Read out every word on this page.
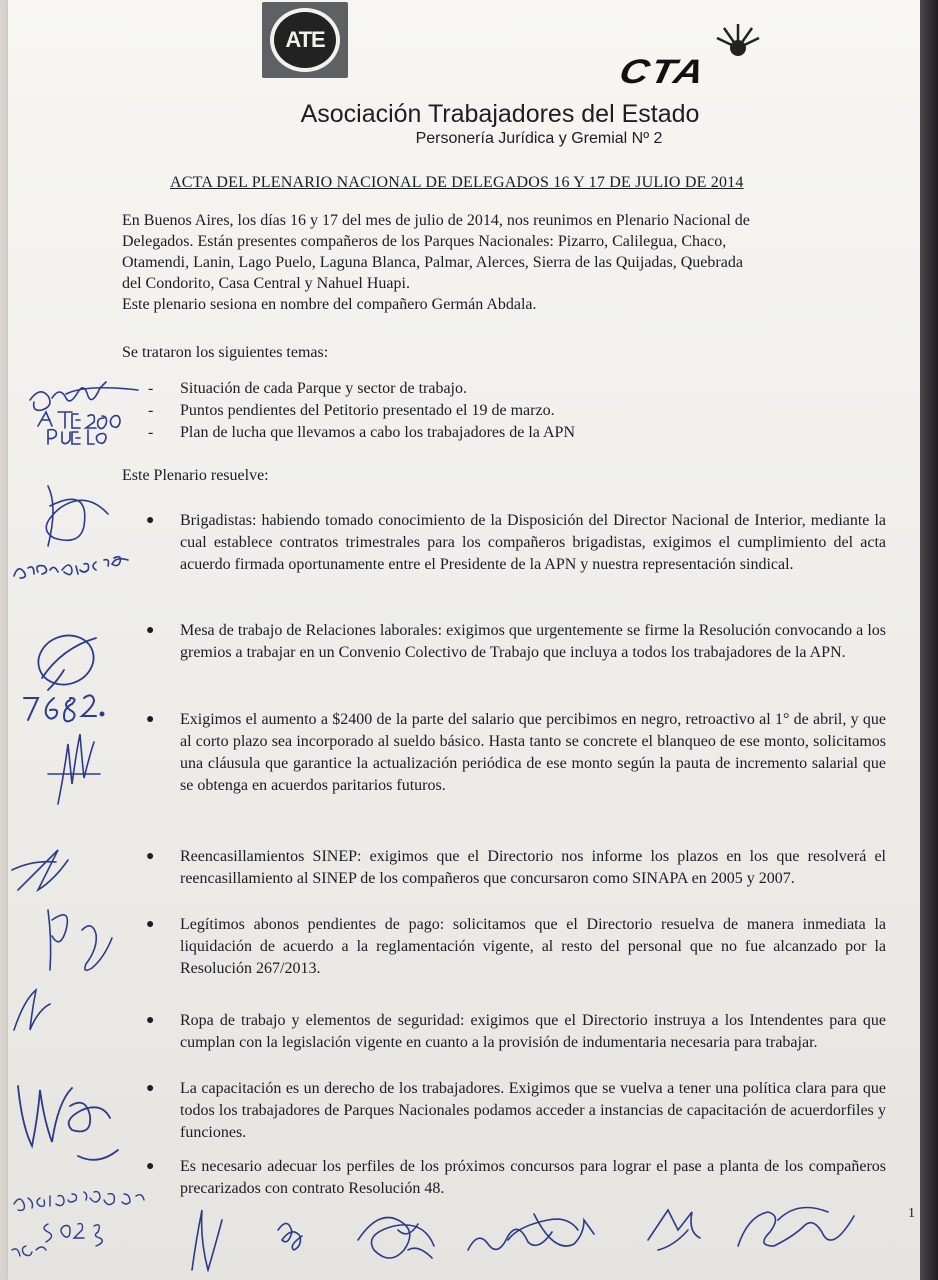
ATE
CTA
Asociación Trabajadores del Estado
Personería Jurídica y Gremial Nº 2
ACTA DEL PLENARIO NACIONAL DE DELEGADOS 16 Y 17 DE JULIO DE 2014
En Buenos Aires, los días 16 y 17 del mes de julio de 2014, nos reunimos en Plenario Nacional de
Delegados. Están presentes compañeros de los Parques Nacionales: Pizarro, Calilegua, Chaco,
Otamendi, Lanin, Lago Puelo, Laguna Blanca, Palmar, Alerces, Sierra de las Quijadas, Quebrada
del Condorito, Casa Central y Nahuel Huapi.
Este plenario sesiona en nombre del compañero Germán Abdala.
Se trataron los siguientes temas:
-	Situación de cada Parque y sector de trabajo.
-	Puntos pendientes del Petitorio presentado el 19 de marzo.
-	Plan de lucha que llevamos a cabo los trabajadores de la APN
Este Plenario resuelve:
●	Brigadistas: habiendo tomado conocimiento de la Disposición del Director Nacional de Interior, mediante la cual establece contratos trimestrales para los compañeros brigadistas, exigimos el cumplimiento del acta acuerdo firmada oportunamente entre el Presidente de la APN y nuestra representación sindical.
●	Mesa de trabajo de Relaciones laborales: exigimos que urgentemente se firme la Resolución convocando a los gremios a trabajar en un Convenio Colectivo de Trabajo que incluya a todos los trabajadores de la APN.
●	Exigimos el aumento a $2400 de la parte del salario que percibimos en negro, retroactivo al 1° de abril, y que al corto plazo sea incorporado al sueldo básico. Hasta tanto se concrete el blanqueo de ese monto, solicitamos una cláusula que garantice la actualización periódica de ese monto según la pauta de incremento salarial que se obtenga en acuerdos paritarios futuros.
●	Reencasillamientos SINEP: exigimos que el Directorio nos informe los plazos en los que resolverá el reencasillamiento al SINEP de los compañeros que concursaron como SINAPA en 2005 y 2007.
●	Legítimos abonos pendientes de pago: solicitamos que el Directorio resuelva de manera inmediata la liquidación de acuerdo a la reglamentación vigente, al resto del personal que no fue alcanzado por la Resolución 267/2013.
●	Ropa de trabajo y elementos de seguridad: exigimos que el Directorio instruya a los Intendentes para que cumplan con la legislación vigente en cuanto a la provisión de indumentaria necesaria para trabajar.
●	La capacitación es un derecho de los trabajadores. Exigimos que se vuelva a tener una política clara para que todos los trabajadores de Parques Nacionales podamos acceder a instancias de capacitación de acuerdorfiles y funciones.
●	Es necesario adecuar los perfiles de los próximos concursos para lograr el pase a planta de los compañeros precarizados con contrato Resolución 48.
1
